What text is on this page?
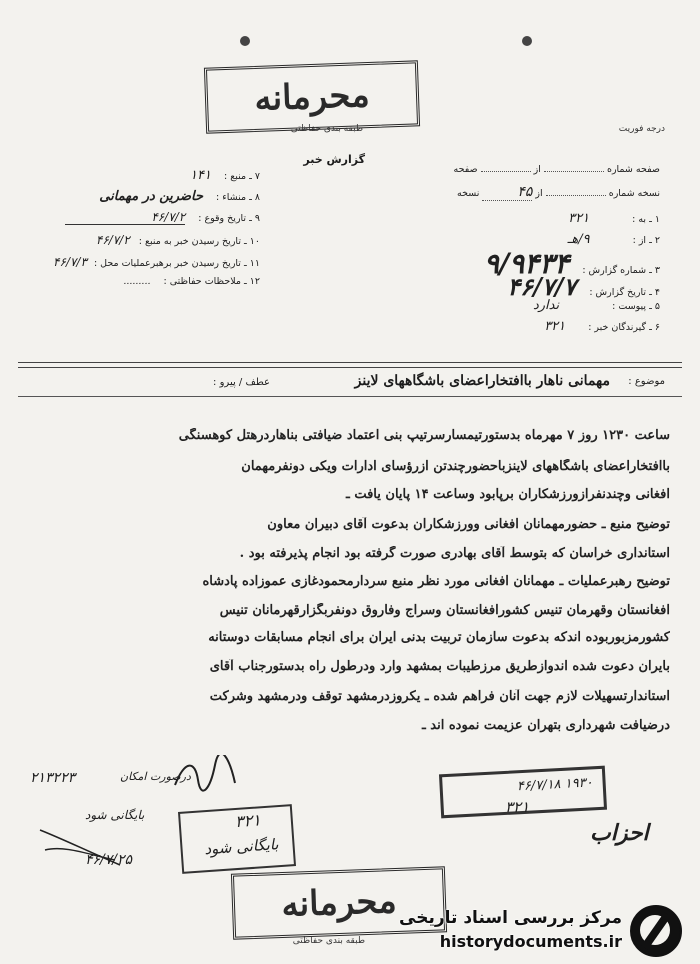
محرمانه
طبقه بندی حفاظتی	درجه فوریت
گزارش خبر
صفحه شماره  از  صفحه
نسخه شماره  از ۴۵ نسخه
۱ ـ به : ۳۲۱
۲ ـ از : ۹/هـ
۳ ـ شماره گزارش : ۹/۹۴۳۴
۴ ـ تاریخ گزارش : ۴۶/۷/۷
۵ ـ پیوست : ندارد
۶ ـ گیرندگان خبر : ۳۲۱
۷ ـ منبع : ۱۴۱
۸ ـ منشاء : حاضرین در مهمانی
۹ ـ تاریخ وقوع : ۴۶/۷/۲
۱۰ ـ تاریخ رسیدن خبر به منبع : ۴۶/۷/۲
۱۱ ـ تاریخ رسیدن خبر برهبرعملیات محل : ۴۶/۷/۳
۱۲ ـ ملاحظات حفاظتی : .........
موضوع :
مهمانی ناهار باافتخاراعضای باشگاههای لاینز
عطف / پیرو :
ساعت ۱۲۳۰ روز ۷ مهرماه بدستورتیمسارسرتیپ بنی اعتماد ضیافتی بناهاردرهتل کوهسنگی
باافتخاراعضای باشگاههای لاینزباحضورچندتن ازرؤسای ادارات ویکی دونفرمهمان
افغانی وچندنفرازورزشکاران برپابود وساعت ۱۴ پایان یافت ـ
توضیح منبع ـ حضورمهمانان افغانی وورزشکاران بدعوت آقای دبیران معاون
استانداری خراسان که بتوسط آقای بهادری صورت گرفته بود انجام پذیرفته بود .
توضیح رهبرعملیات ـ مهمانان افغانی مورد نظر منبع سردارمحمودغازی عموزاده پادشاه
افغانستان وقهرمان تنیس کشورافغانستان وسراج وفاروق دونفربگزارقهرمانان تنیس
کشورمزبوربوده اندکه بدعوت سازمان تربیت بدنی ایران برای انجام مسابقات دوستانه
بایران دعوت شده اندوازطریق مرزطیبات بمشهد وارد ودرطول راه بدستورجناب آقای
استاندارتسهیلات لازم جهت آنان فراهم شده ـ یکروزدرمشهد توقف ودرمشهد وشرکت
درضیافت شهرداری بتهران عزیمت نموده اند ـ
درصورت امکان
۲۱۳۲۲۳
بایگانی شود
۴۶/۷/۲۵
۳۲۱
بایگانی شود
۴۶/۷/۱۸ ۱۹۳۰
۳۲۱
احزاب
محرمانه
طبقه بندی حفاظتی
مرکز بررسی اسناد تاریخی
historydocuments.ir
